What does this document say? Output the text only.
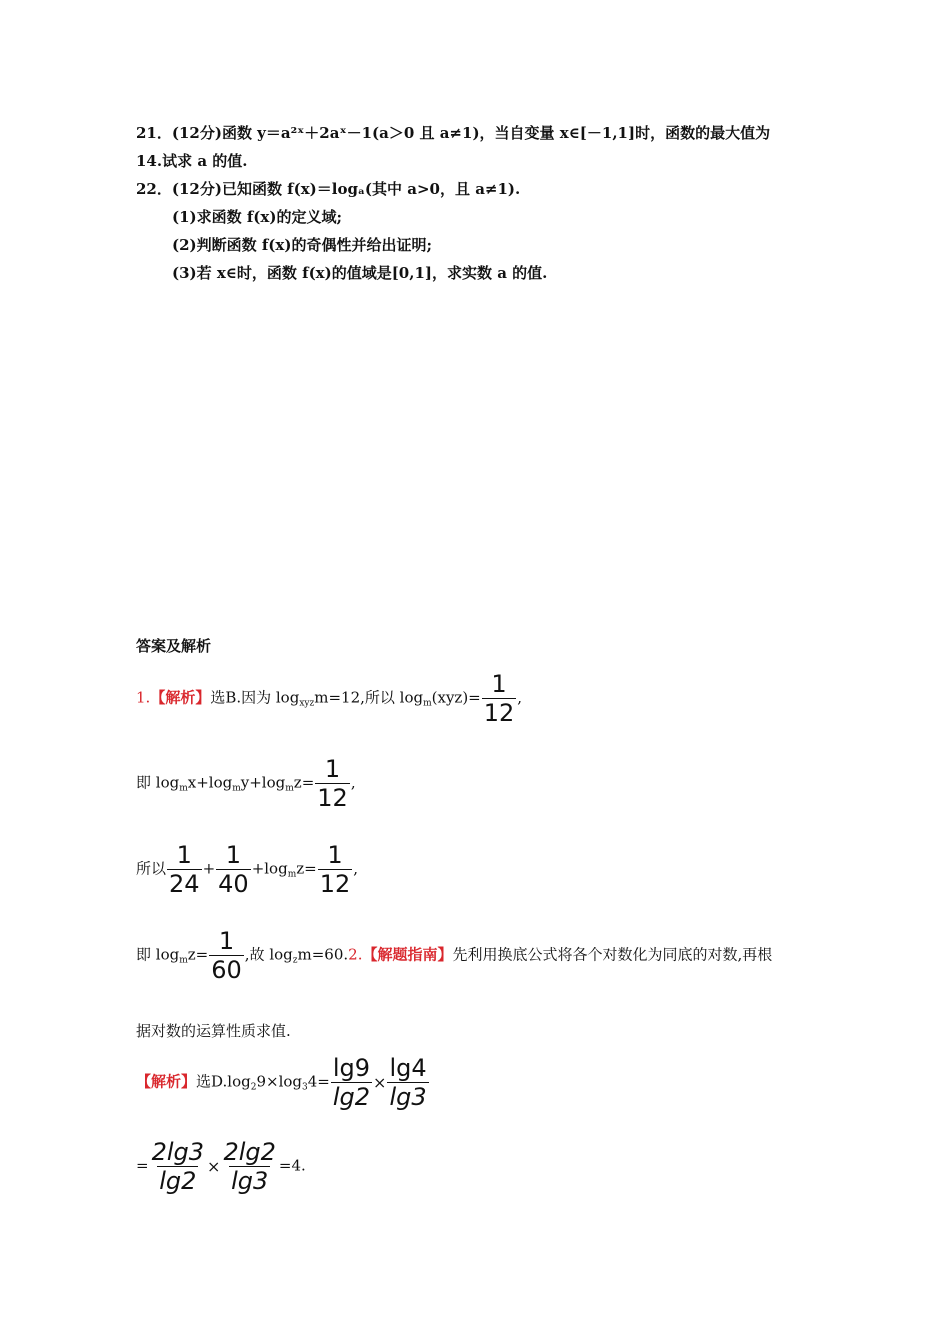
21．(12分)函数 y＝a²ˣ＋2aˣ－1(a＞0 且 a≠1)，当自变量 x∈[－1,1]时，函数的最大值为
14.试求 a 的值.
22．(12分)已知函数 f(x)＝logₐ(其中 a>0，且 a≠1).
(1)求函数 f(x)的定义域;
(2)判断函数 f(x)的奇偶性并给出证明;
(3)若 x∈时，函数 f(x)的值域是[0,1]，求实数 a 的值.
答案及解析
1.【解析】选B.因为 $\log_{xyz}m=12$,所以 $\log_m(xyz)= \frac{1}{12}$ ,
即 $\log_mx+\log_my+\log_mz= \frac{1}{12}$ ,
所以 $\frac{1}{24} + \frac{1}{40} +\log_mz= \frac{1}{12}$ ,
即 $\log_mz= \frac{1}{60}$ ,故 $\log_zm=60.2$.【解题指南】先利用换底公式将各个对数化为同底的对数,再根
据对数的运算性质求值.
【解析】选$D.\log_29\times\log_34= \frac{\lg 9}{\lg 2} \times \frac{\lg 4}{\lg 3}$
= $\frac{2\lg 3}{\lg 2} \times \frac{2\lg 2}{\lg 3} =4$.
